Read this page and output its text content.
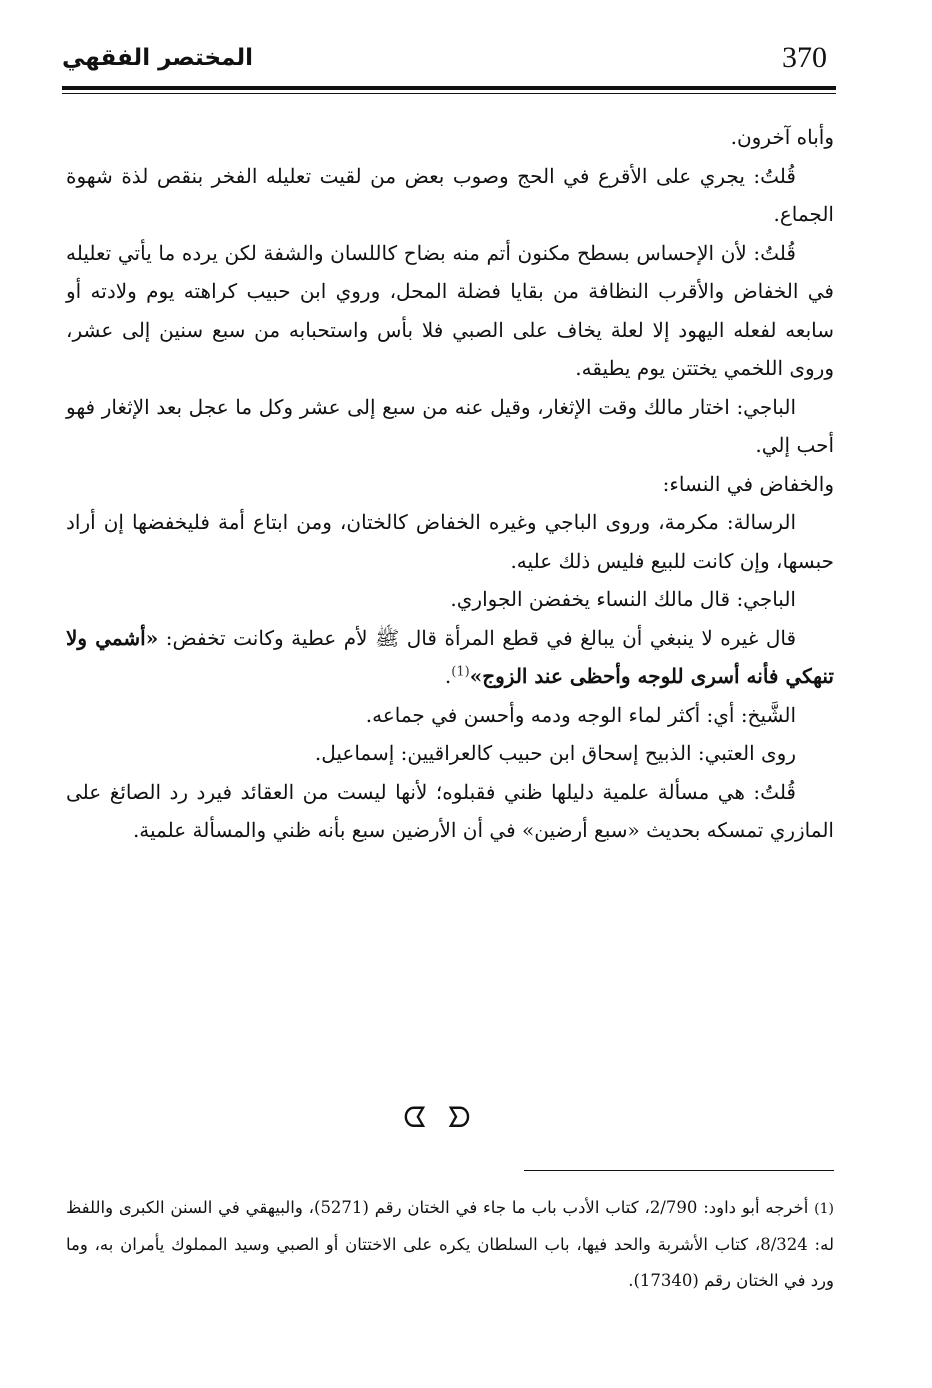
370
المختصر الفقهي

وأباه آخرون.

قُلتُ: يجري على الأقرع في الحج وصوب بعض من لقيت تعليله الفخر بنقص لذة شهوة الجماع.

قُلتُ: لأن الإحساس بسطح مكنون أتم منه بضاح كاللسان والشفة لكن يرده ما يأتي تعليله في الخفاض والأقرب النظافة من بقايا فضلة المحل، وروي ابن حبيب كراهته يوم ولادته أو سابعه لفعله اليهود إلا لعلة يخاف على الصبي فلا بأس واستحبابه من سبع سنين إلى عشر، وروى اللخمي يختتن يوم يطيقه.

الباجي: اختار مالك وقت الإثغار، وقيل عنه من سبع إلى عشر وكل ما عجل بعد الإثغار فهو أحب إلي.

والخفاض في النساء:

الرسالة: مكرمة، وروى الباجي وغيره الخفاض كالختان، ومن ابتاع أمة فليخفضها إن أراد حبسها، وإن كانت للبيع فليس ذلك عليه.

الباجي: قال مالك النساء يخفضن الجواري.

قال غيره لا ينبغي أن يبالغ في قطع المرأة قال ﷺ لأم عطية وكانت تخفض: «أشمي ولا تنهكي فأنه أسرى للوجه وأحظى عند الزوج»$^{(1)}$.

الشَّيخ: أي: أكثر لماء الوجه ودمه وأحسن في جماعه.

روى العتبي: الذبيح إسحاق ابن حبيب كالعراقيين: إسماعيل.

قُلتُ: هي مسألة علمية دليلها ظني فقبلوه؛ لأنها ليست من العقائد فيرد رد الصائغ على المازري تمسكه بحديث «سبع أرضين» في أن الأرضين سبع بأنه ظني والمسألة علمية.

ᗧ ᗤ

(1) أخرجه أبو داود: 2/790، كتاب الأدب باب ما جاء في الختان رقم (5271)، والبيهقي في السنن الكبرى واللفظ له: 8/324، كتاب الأشربة والحد فيها، باب السلطان يكره على الاختتان أو الصبي وسيد المملوك يأمران به، وما ورد في الختان رقم (17340).
